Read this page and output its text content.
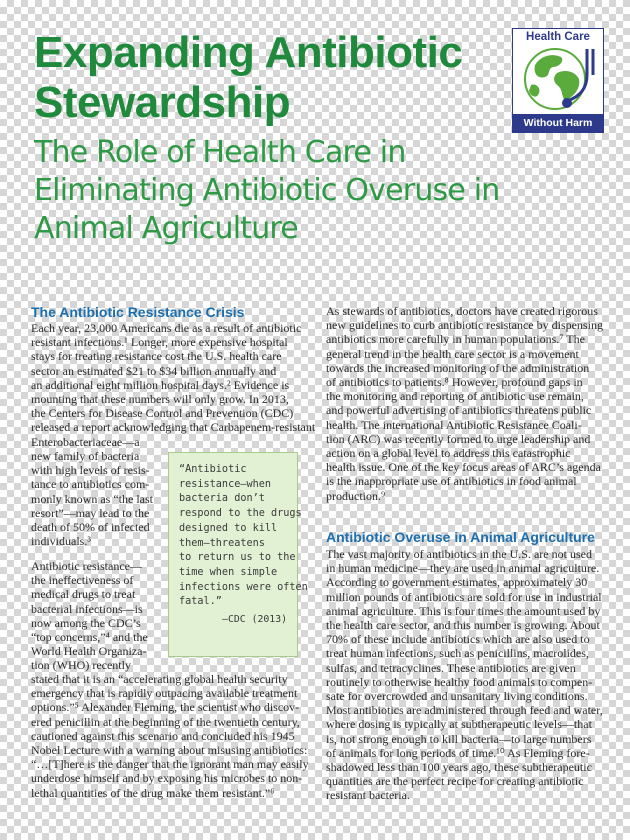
Expanding Antibiotic Stewardship
The Role of Health Care in Eliminating Antibiotic Overuse in Animal Agriculture
Health Care
Without Harm
The Antibiotic Resistance Crisis
Each year, 23,000 Americans die as a result of antibiotic
resistant infections.¹ Longer, more expensive hospital
stays for treating resistance cost the U.S. health care
sector an estimated $21 to $34 billion annually and
an additional eight million hospital days.² Evidence is
mounting that these numbers will only grow. In 2013,
the Centers for Disease Control and Prevention (CDC)
released a report acknowledging that Carbapenem-resistant
Enterobacteriaceae—a
new family of bacteria
with high levels of resis-
tance to antibiotics com-
monly known as “the last
resort”—may lead to the
death of 50% of infected
individuals.³
Antibiotic resistance—
the ineffectiveness of
medical drugs to treat
bacterial infections—is
now among the CDC’s
“top concerns,”⁴ and the
World Health Organiza-
tion (WHO) recently
stated that it is an “accelerating global health security
emergency that is rapidly outpacing available treatment
options.”⁵ Alexander Fleming, the scientist who discov-
ered penicillin at the beginning of the twentieth century,
cautioned against this scenario and concluded his 1945
Nobel Lecture with a warning about misusing antibiotics:
“…[T]here is the danger that the ignorant man may easily
underdose himself and by exposing his microbes to non-
lethal quantities of the drug make them resistant.”⁶
“Antibiotic
resistance—when
bacteria don’t
respond to the drugs
designed to kill
them—threatens
to return us to the
time when simple
infections were often
fatal.”
–CDC (2013)
As stewards of antibiotics, doctors have created rigorous
new guidelines to curb antibiotic resistance by dispensing
antibiotics more carefully in human populations.⁷ The
general trend in the health care sector is a movement
towards the increased monitoring of the administration
of antibiotics to patients.⁸ However, profound gaps in
the monitoring and reporting of antibiotic use remain,
and powerful advertising of antibiotics threatens public
health. The international Antibiotic Resistance Coali-
tion (ARC) was recently formed to urge leadership and
action on a global level to address this catastrophic
health issue. One of the key focus areas of ARC’s agenda
is the inappropriate use of antibiotics in food animal
production.⁹
Antibiotic Overuse in Animal Agriculture
The vast majority of antibiotics in the U.S. are not used
in human medicine—they are used in animal agriculture.
According to government estimates, approximately 30
million pounds of antibiotics are sold for use in industrial
animal agriculture. This is four times the amount used by
the health care sector, and this number is growing. About
70% of these include antibiotics which are also used to
treat human infections, such as penicillins, macrolides,
sulfas, and tetracyclines. These antibiotics are given
routinely to otherwise healthy food animals to compen-
sate for overcrowded and unsanitary living conditions.
Most antibiotics are administered through feed and water,
where dosing is typically at subtherapeutic levels—that
is, not strong enough to kill bacteria—to large numbers
of animals for long periods of time.¹⁰ As Fleming fore-
shadowed less than 100 years ago, these subtherapeutic
quantities are the perfect recipe for creating antibiotic
resistant bacteria.
